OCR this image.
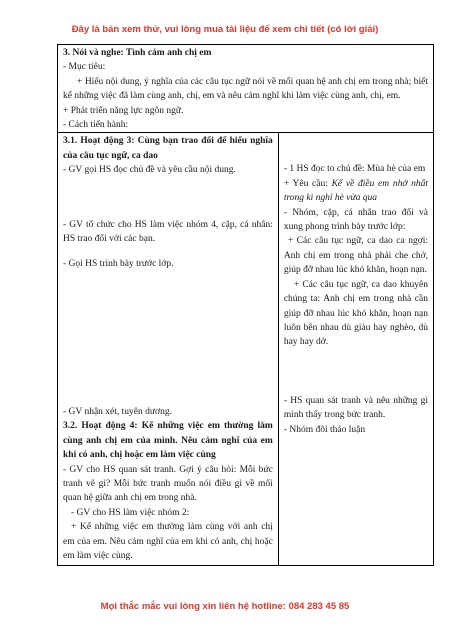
Đây là bản xem thử, vui lòng mua tài liệu để xem chi tiết (có lời giải)

3. Nói và nghe: Tình cảm anh chị em

- Mục tiêu:

+ Hiểu nội dung, ý nghĩa của các câu tục ngữ nói về mối quan hệ anh chị em trong nhà; biết kể những việc đã làm cùng anh, chị, em và nêu cảm nghĩ khi làm việc cùng anh, chị, em.

+ Phát triển năng lực ngôn ngữ.

- Cách tiến hành:

3.1. Hoạt động 3: Cùng bạn trao đổi để hiểu nghĩa của câu tục ngữ, ca dao

- GV gọi HS đọc chủ đề và yêu cầu nội dung.

- GV tổ chức cho HS làm việc nhóm 4, cặp, cá nhân: HS trao đổi với các bạn.

- Gọi HS trình bày trước lớp.

- GV nhận xét, tuyên dương.

3.2. Hoạt động 4: Kể những việc em thường làm cùng anh chị em của mình. Nêu cảm nghĩ của em khi có anh, chị hoặc em làm việc cùng

- GV cho HS quan sát tranh. Gợi ý câu hỏi: Mỗi bức tranh vẽ gì? Mỗi bức tranh muốn nói điều gì về mối quan hệ giữa anh chị em trong nhà.

- GV cho HS làm việc nhóm 2:

+ Kể những việc em thường làm cùng với anh chị em của em. Nêu cảm nghĩ của em khi có anh, chị hoặc em làm việc cùng.

- 1 HS đọc to chủ đề: Mùa hè của em

+ Yêu cầu: Kể về điều em nhớ nhất trong kì nghỉ hè vừa qua

- Nhóm, cặp, cá nhân trao đổi và xung phong trình bày trước lớp:

+ Các câu tục ngữ, ca dao ca ngợi: Anh chị em trong nhà phải che chở, giúp đỡ nhau lúc khó khăn, hoạn nạn.

+ Các câu tục ngữ, ca dao khuyên chúng ta: Anh chị em trong nhà cần giúp đỡ nhau lúc khó khăn, hoạn nạn luôn bên nhau dù giàu hay nghèo, dù hay hay dở.

- HS quan sát tranh và nêu những gì mình thấy trong bức tranh.

- Nhóm đôi thảo luận

Mọi thắc mắc vui lòng xin liên hệ hotline: 084 283 45 85
